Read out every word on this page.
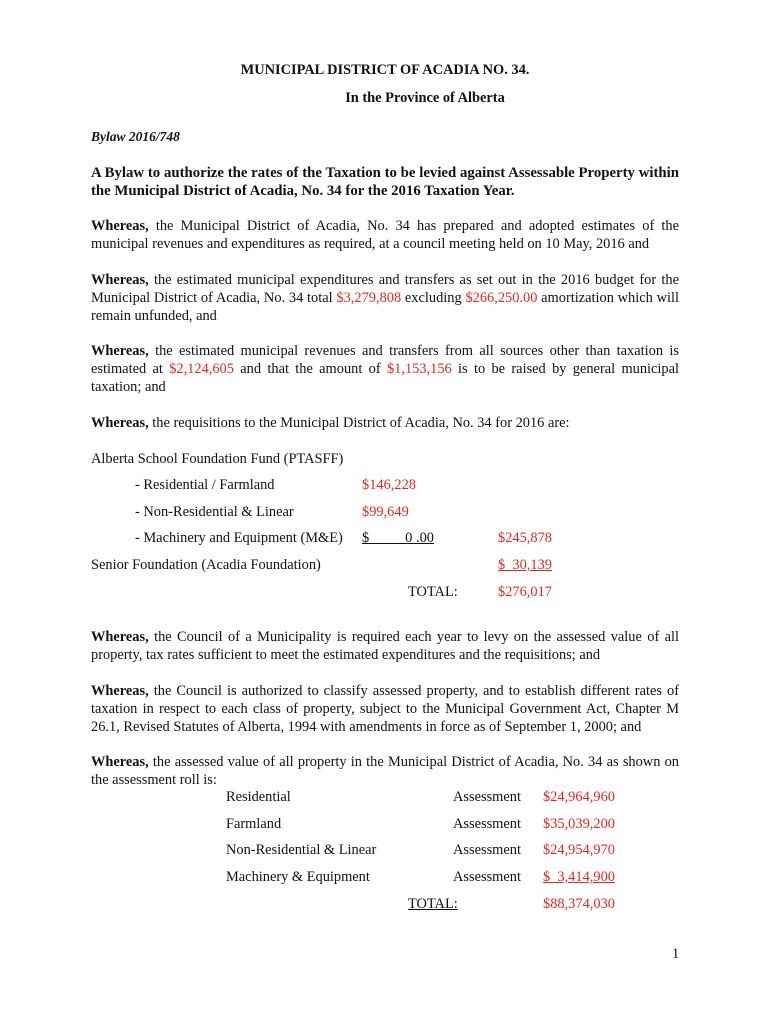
MUNICIPAL DISTRICT OF ACADIA NO. 34.
In the Province of Alberta
Bylaw 2016/748
A Bylaw to authorize the rates of the Taxation to be levied against Assessable Property within the Municipal District of Acadia, No. 34 for the 2016 Taxation Year.
Whereas, the Municipal District of Acadia, No. 34 has prepared and adopted estimates of the municipal revenues and expenditures as required, at a council meeting held on 10 May, 2016 and
Whereas, the estimated municipal expenditures and transfers as set out in the 2016 budget for the Municipal District of Acadia, No. 34 total $3,279,808 excluding $266,250.00 amortization which will remain unfunded, and
Whereas, the estimated municipal revenues and transfers from all sources other than taxation is estimated at $2,124,605 and that the amount of $1,153,156 is to be raised by general municipal taxation; and
Whereas, the requisitions to the Municipal District of Acadia, No. 34 for 2016 are:
Alberta School Foundation Fund (PTASFF)
- Residential / Farmland	$146,228
- Non-Residential & Linear	$99,649
- Machinery and Equipment (M&E) $          0 .00	$245,878
Senior Foundation (Acadia Foundation)	$  30,139
TOTAL:	$276,017
Whereas, the Council of a Municipality is required each year to levy on the assessed value of all property, tax rates sufficient to meet the estimated expenditures and the requisitions; and
Whereas, the Council is authorized to classify assessed property, and to establish different rates of taxation in respect to each class of property, subject to the Municipal Government Act, Chapter M 26.1, Revised Statutes of Alberta, 1994 with amendments in force as of September 1, 2000; and
Whereas, the assessed value of all property in the Municipal District of Acadia, No. 34 as shown on the assessment roll is:
Residential	Assessment $24,964,960
Farmland	Assessment $35,039,200
Non-Residential & Linear	Assessment $24,954,970
Machinery & Equipment	Assessment $  3,414,900
TOTAL:	$88,374,030
1
